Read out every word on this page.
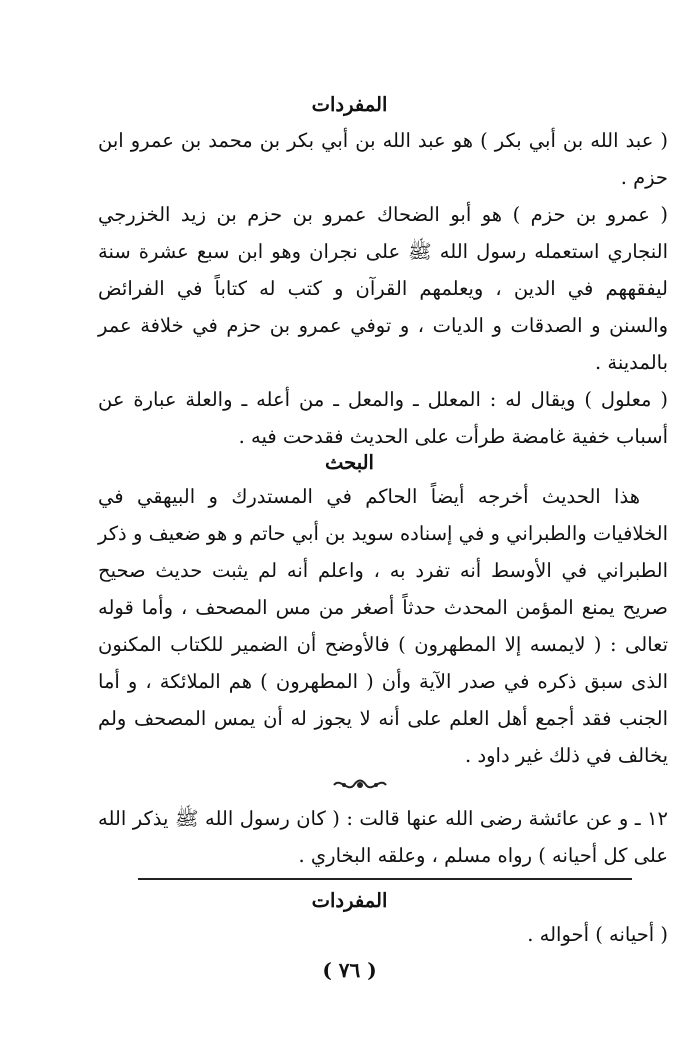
المفردات

( عبد الله بن أبي بكر ) هو عبد الله بن أبي بكر بن محمد بن عمرو ابن حزم .

( عمرو بن حزم ) هو أبو الضحاك عمرو بن حزم بن زيد الخزرجي النجاري استعمله رسول الله ﷺ على نجران وهو ابن سبع عشرة سنة ليفقههم في الدين ، ويعلمهم القرآن و كتب له كتاباً في الفرائض والسنن و الصدقات و الديات ، و توفي عمرو بن حزم في خلافة عمر بالمدينة .

( معلول ) ويقال له : المعلل ـ والمعل ـ من أعله ـ والعلة عبارة عن أسباب خفية غامضة طرأت على الحديث فقدحت فيه .

البحث

هذا الحديث أخرجه أيضاً الحاكم في المستدرك و البيهقي في الخلافيات والطبراني و في إسناده سويد بن أبي حاتم و هو ضعيف و ذكر الطبراني في الأوسط أنه تفرد به ، واعلم أنه لم يثبت حديث صحيح صريح يمنع المؤمن المحدث حدثاً أصغر من مس المصحف ، وأما قوله تعالى : ( لايمسه إلا المطهرون ) فالأوضح أن الضمير للكتاب المكنون الذى سبق ذكره في صدر الآية وأن ( المطهرون ) هم الملائكة ، و أما الجنب فقد أجمع أهل العلم على أنه لا يجوز له أن يمس المصحف ولم يخالف في ذلك غير داود .

١٢ ـ و عن عائشة رضى الله عنها قالت : ( كان رسول الله ﷺ يذكر الله على كل أحيانه ) رواه مسلم ، وعلقه البخاري .

المفردات

( أحيانه ) أحواله .

( ٧٦ )
